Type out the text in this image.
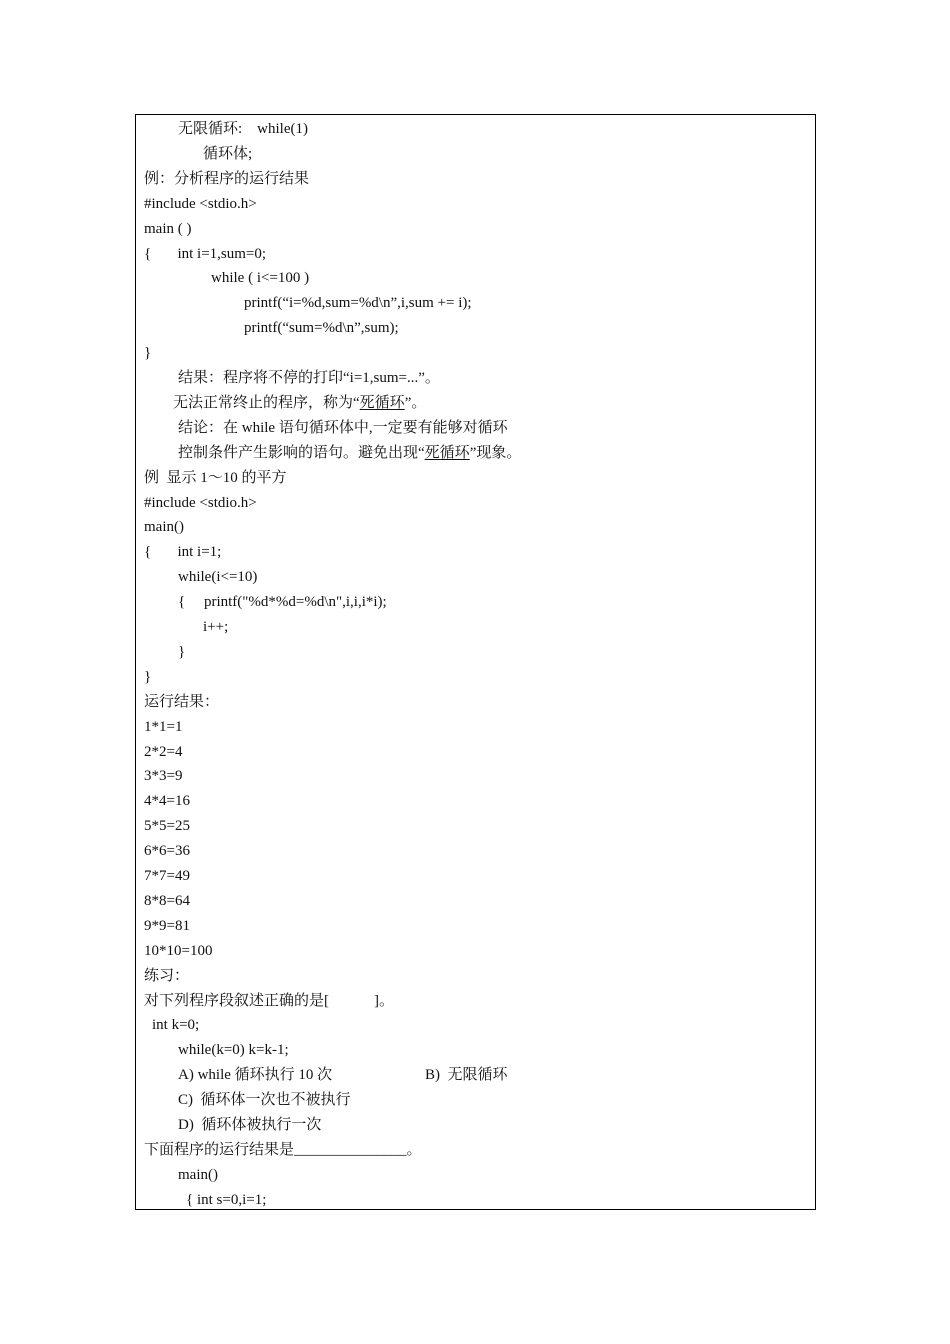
无限循环:    while(1)
循环体;
例：分析程序的运行结果
#include <stdio.h>
main ( )
{       int i=1,sum=0;
while ( i<=100 )
printf(“i=%d,sum=%d\n”,i,sum += i);
printf(“sum=%d\n”,sum);
}
结果：程序将不停的打印“i=1,sum=...”。
无法正常终止的程序，称为“死循环”。
结论：在 while 语句循环体中,一定要有能够对循环
控制条件产生影响的语句。避免出现“死循环”现象。
例  显示 1～10 的平方
#include <stdio.h>
main()
{       int i=1;
while(i<=10)
{     printf("%d*%d=%d\n",i,i,i*i);
i++;
}
}
运行结果：
1*1=1
2*2=4
3*3=9
4*4=16
5*5=25
6*6=36
7*7=49
8*8=64
9*9=81
10*10=100
练习：
对下列程序段叙述正确的是[            ]。
int k=0;
while(k=0) k=k-1;
A) while 循环执行 10 次	B)  无限循环
C)  循环体一次也不被执行
D)  循环体被执行一次
下面程序的运行结果是_______________。
main()
{ int s=0,i=1;
